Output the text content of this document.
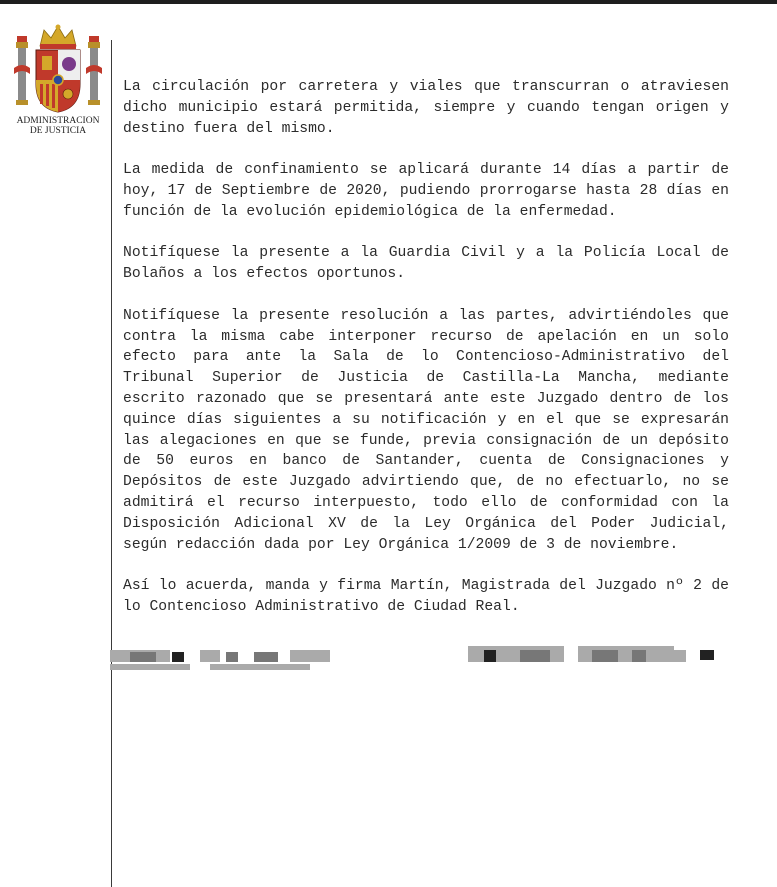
ADMINISTRACION
DE JUSTICIA

La circulación por carretera y viales que transcurran o atraviesen dicho municipio estará permitida, siempre y cuando tengan origen y destino fuera del mismo.

La medida de confinamiento se aplicará durante 14 días a partir de hoy, 17 de Septiembre de 2020, pudiendo prorrogarse hasta 28 días en función de la evolución epidemiológica de la enfermedad.

Notifíquese la presente a la Guardia Civil y a la Policía Local de Bolaños a los efectos oportunos.

Notifíquese la presente resolución a las partes, advirtiéndoles que contra la misma cabe interponer recurso de apelación en un solo efecto para ante la Sala de lo Contencioso-Administrativo del Tribunal Superior de Justicia de Castilla-La Mancha, mediante escrito razonado que se presentará ante este Juzgado dentro de los quince días siguientes a su notificación y en el que se expresarán las alegaciones en que se funde, previa consignación de un depósito de 50 euros en banco de Santander, cuenta de Consignaciones y Depósitos de este Juzgado advirtiendo que, de no efectuarlo, no se admitirá el recurso interpuesto, todo ello de conformidad con la Disposición Adicional XV de la Ley Orgánica del Poder Judicial, según redacción dada por Ley Orgánica 1/2009 de 3 de noviembre.

Así lo acuerda, manda y firma Martín, Magistrada del Juzgado nº 2 de lo Contencioso Administrativo de Ciudad Real.
